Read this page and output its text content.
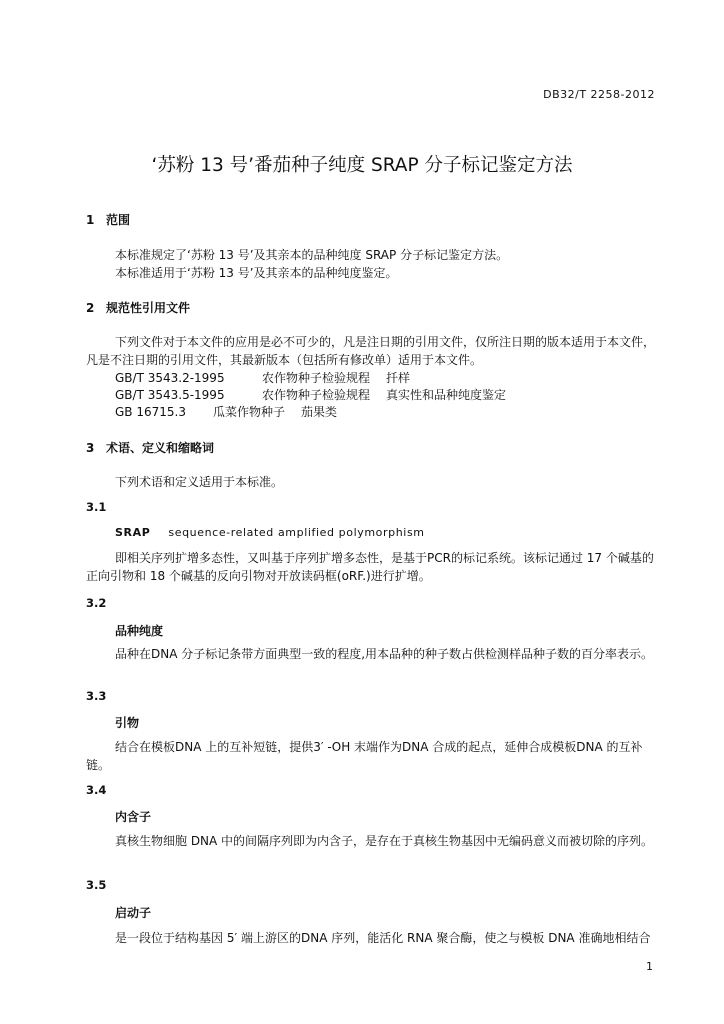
DB32/T 2258-2012
‘苏粉 13 号’番茄种子纯度 SRAP 分子标记鉴定方法
1 范围
本标准规定了‘苏粉 13 号’及其亲本的品种纯度 SRAP 分子标记鉴定方法。
本标准适用于‘苏粉 13 号’及其亲本的品种纯度鉴定。
2 规范性引用文件
下列文件对于本文件的应用是必不可少的，凡是注日期的引用文件，仅所注日期的版本适用于本文件，凡是不注日期的引用文件，其最新版本（包括所有修改单）适用于本文件。
GB/T 3543.2-1995	农作物种子检验规程 扦样
GB/T 3543.5-1995	农作物种子检验规程 真实性和品种纯度鉴定
GB 16715.3 瓜菜作物种子 茄果类
3 术语、定义和缩略词
下列术语和定义适用于本标准。
3.1
SRAP sequence-related amplified polymorphism
即相关序列扩增多态性，又叫基于序列扩增多态性，是基于PCR的标记系统。该标记通过 17 个碱基的正向引物和 18 个碱基的反向引物对开放读码框(oRF.)进行扩增。
3.2
品种纯度
品种在DNA 分子标记条带方面典型一致的程度,用本品种的种子数占供检测样品种子数的百分率表示。
3.3
引物
结合在模板DNA 上的互补短链，提供3′ -OH 末端作为DNA 合成的起点，延伸合成模板DNA 的互补链。
3.4
内含子
真核生物细胞 DNA 中的间隔序列即为内含子，是存在于真核生物基因中无编码意义而被切除的序列。
3.5
启动子
是一段位于结构基因 5′ 端上游区的DNA 序列，能活化 RNA 聚合酶，使之与模板 DNA 准确地相结合
1
